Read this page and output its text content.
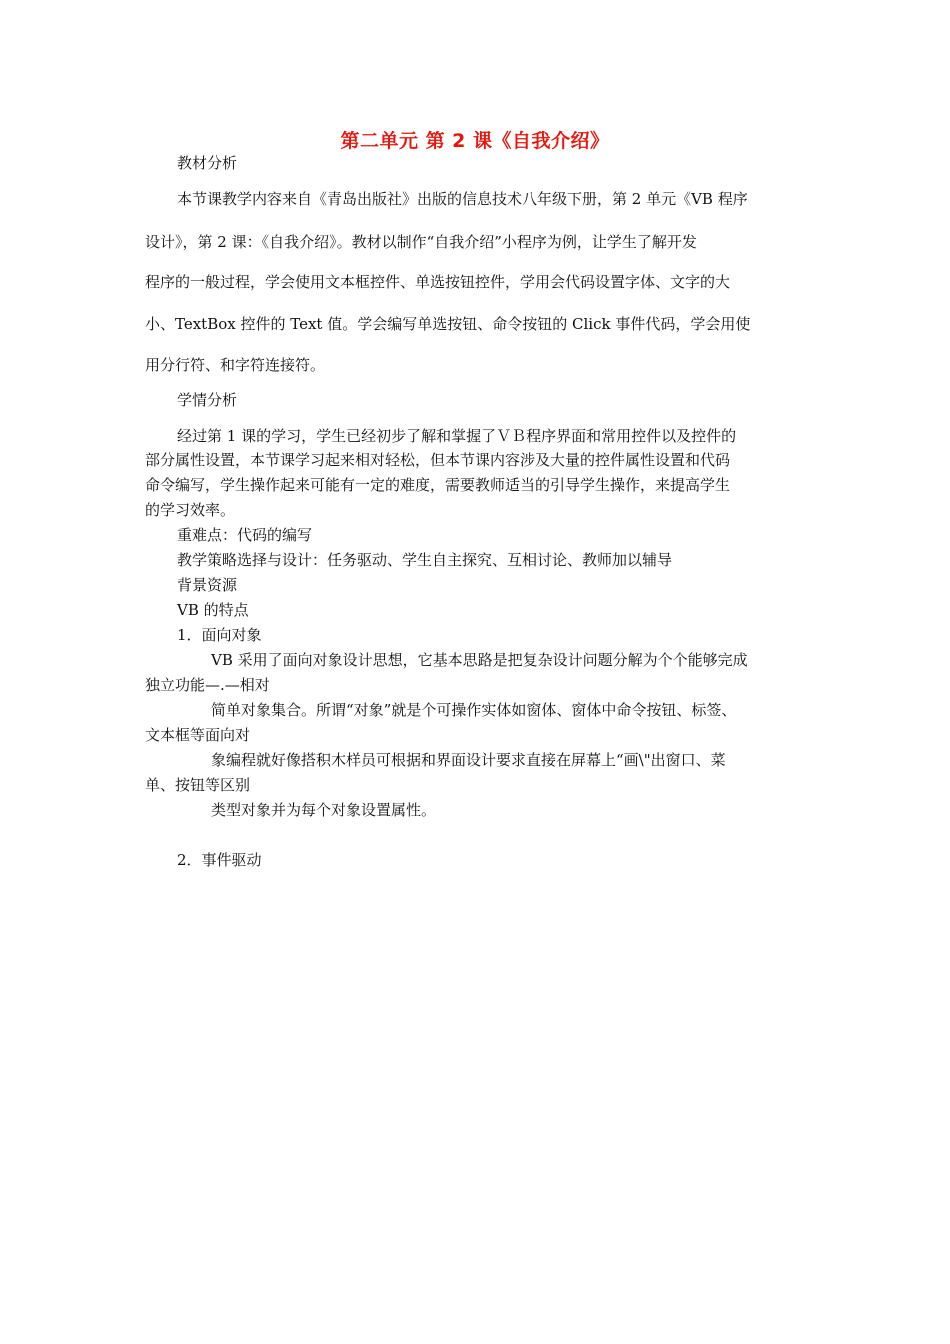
第二单元 第 2 课《自我介绍》
教材分析
本节课教学内容来自《青岛出版社》出版的信息技术八年级下册，第 2 单元《VB 程序
设计》，第 2 课：《自我介绍》。教材以制作“自我介绍”小程序为例，让学生了解开发
程序的一般过程，学会使用文本框控件、单选按钮控件，学用会代码设置字体、文字的大
小、TextBox 控件的 Text 值。学会编写单选按钮、命令按钮的 Click 事件代码，学会用使
用分行符、和字符连接符。
学情分析
经过第 1 课的学习，学生已经初步了解和掌握了ＶＢ程序界面和常用控件以及控件的
部分属性设置，本节课学习起来相对轻松，但本节课内容涉及大量的控件属性设置和代码
命令编写，学生操作起来可能有一定的难度，需要教师适当的引导学生操作，来提高学生
的学习效率。
重难点：代码的编写
教学策略选择与设计：任务驱动、学生自主探究、互相讨论、教师加以辅导
背景资源
VB 的特点
1．面向对象
VB 采用了面向对象设计思想，它基本思路是把复杂设计问题分解为个个能够完成
独立功能—.—相对
简单对象集合。所谓“对象”就是个可操作实体如窗体、窗体中命令按钮、标签、
文本框等面向对
象编程就好像搭积木样员可根据和界面设计要求直接在屏幕上“画\"出窗口、菜
单、按钮等区别
类型对象并为每个对象设置属性。
2．事件驱动
